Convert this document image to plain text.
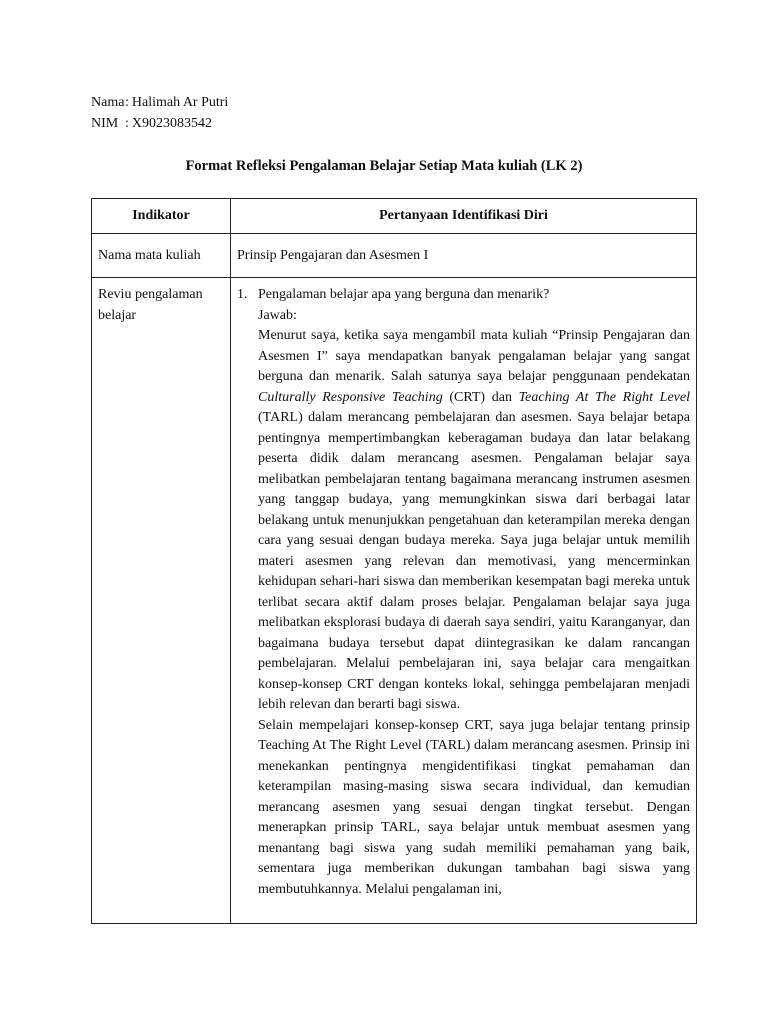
Nama : Halimah Ar Putri
NIM : X9023083542
Format Refleksi Pengalaman Belajar Setiap Mata kuliah (LK 2)
Indikator	Pertanyaan Identifikasi Diri
Nama mata kuliah	Prinsip Pengajaran dan Asesmen I
Reviu pengalaman belajar	1. Pengalaman belajar apa yang berguna dan menarik?
Jawab:

Menurut saya, ketika saya mengambil mata kuliah “Prinsip Pengajaran dan Asesmen I” saya mendapatkan banyak pengalaman belajar yang sangat berguna dan menarik. Salah satunya saya belajar penggunaan pendekatan Culturally Responsive Teaching (CRT) dan Teaching At The Right Level (TARL) dalam merancang pembelajaran dan asesmen. Saya belajar betapa pentingnya mempertimbangkan keberagaman budaya dan latar belakang peserta didik dalam merancang asesmen. Pengalaman belajar saya melibatkan pembelajaran tentang bagaimana merancang instrumen asesmen yang tanggap budaya, yang memungkinkan siswa dari berbagai latar belakang untuk menunjukkan pengetahuan dan keterampilan mereka dengan cara yang sesuai dengan budaya mereka. Saya juga belajar untuk memilih materi asesmen yang relevan dan memotivasi, yang mencerminkan kehidupan sehari-hari siswa dan memberikan kesempatan bagi mereka untuk terlibat secara aktif dalam proses belajar. Pengalaman belajar saya juga melibatkan eksplorasi budaya di daerah saya sendiri, yaitu Karanganyar, dan bagaimana budaya tersebut dapat diintegrasikan ke dalam rancangan pembelajaran. Melalui pembelajaran ini, saya belajar cara mengaitkan konsep-konsep CRT dengan konteks lokal, sehingga pembelajaran menjadi lebih relevan dan berarti bagi siswa.

Selain mempelajari konsep-konsep CRT, saya juga belajar tentang prinsip Teaching At The Right Level (TARL) dalam merancang asesmen. Prinsip ini menekankan pentingnya mengidentifikasi tingkat pemahaman dan keterampilan masing-masing siswa secara individual, dan kemudian merancang asesmen yang sesuai dengan tingkat tersebut. Dengan menerapkan prinsip TARL, saya belajar untuk membuat asesmen yang menantang bagi siswa yang sudah memiliki pemahaman yang baik, sementara juga memberikan dukungan tambahan bagi siswa yang membutuhkannya. Melalui pengalaman ini,
